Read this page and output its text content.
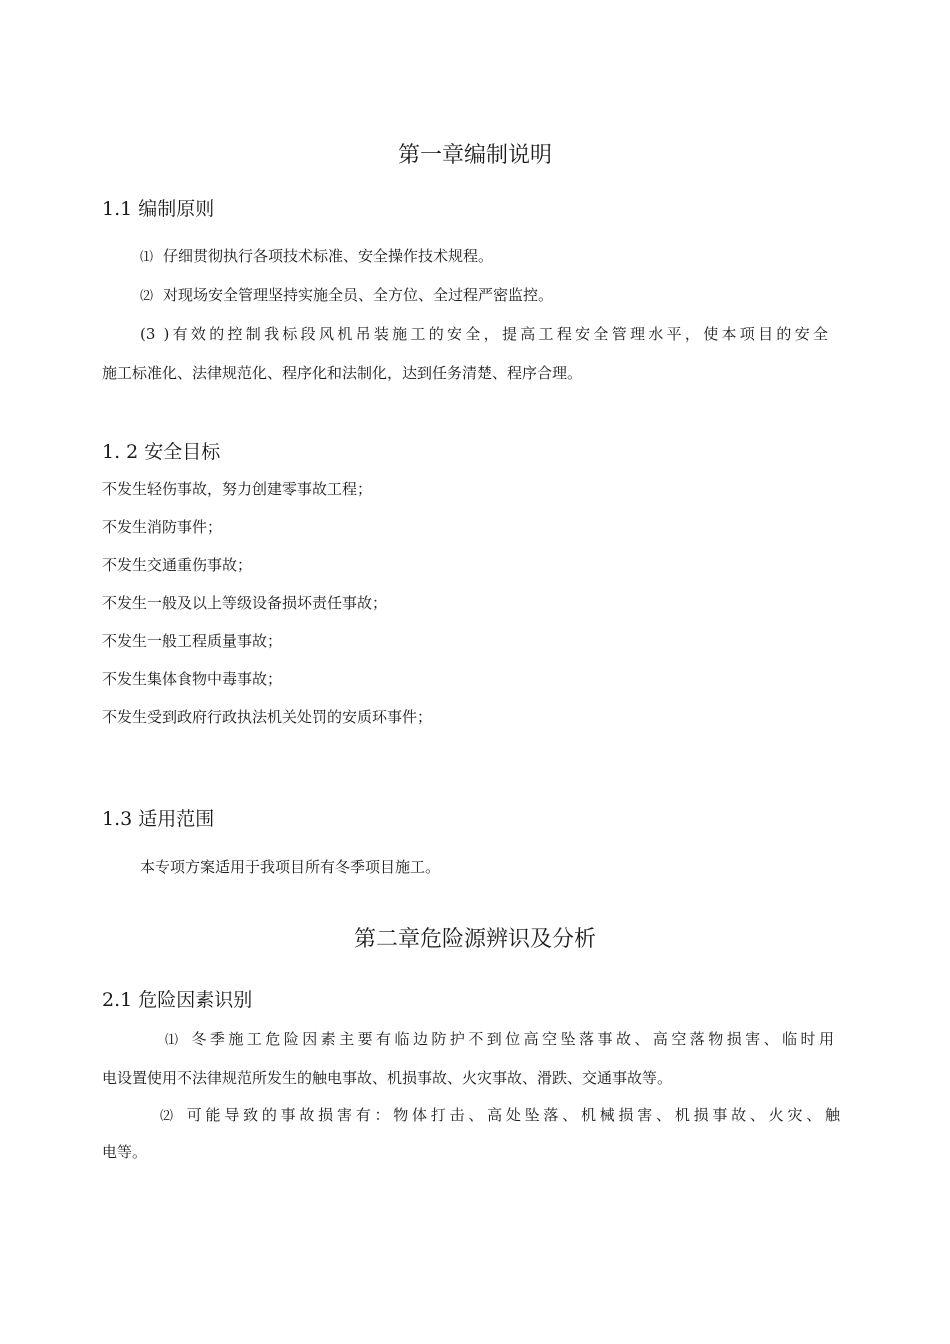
第一章编制说明
1.1 编制原则
⑴ 仔细贯彻执行各项技术标准、安全操作技术规程。
⑵ 对现场安全管理坚持实施全员、全方位、全过程严密监控。
(3 )有效的控制我标段风机吊装施工的安全，提高工程安全管理水平，使本项目的安全
施工标准化、法律规范化、程序化和法制化，达到任务清楚、程序合理。
1. 2 安全目标
不发生轻伤事故，努力创建零事故工程；
不发生消防事件；
不发生交通重伤事故；
不发生一般及以上等级设备损坏责任事故；
不发生一般工程质量事故；
不发生集体食物中毒事故；
不发生受到政府行政执法机关处罚的安质环事件；
1.3 适用范围
本专项方案适用于我项目所有冬季项目施工。
第二章危险源辨识及分析
2.1 危险因素识别
⑴ 冬季施工危险因素主要有临边防护不到位高空坠落事故、高空落物损害、临时用
电设置使用不法律规范所发生的触电事故、机损事故、火灾事故、滑跌、交通事故等。
⑵ 可能导致的事故损害有：物体打击、高处坠落、机械损害、机损事故、火灾、触
电等。
